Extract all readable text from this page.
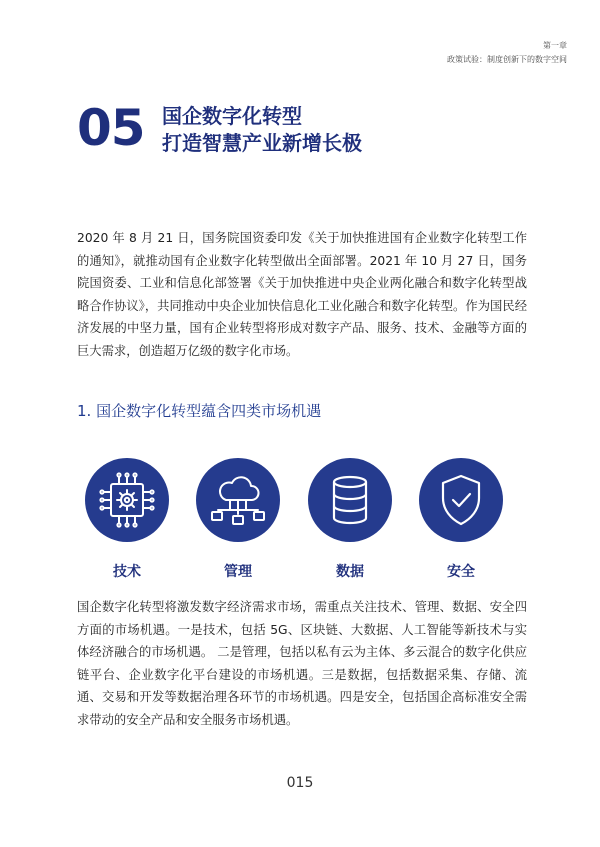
第一章
政策试验：制度创新下的数字空间
05 国企数字化转型
打造智慧产业新增长极

2020 年 8 月 21 日，国务院国资委印发《关于加快推进国有企业数字化转型工作的通知》，就推动国有企业数字化转型做出全面部署。2021 年 10 月 27 日，国务院国资委、工业和信息化部签署《关于加快推进中央企业两化融合和数字化转型战略合作协议》，共同推动中央企业加快信息化工业化融合和数字化转型。作为国民经济发展的中坚力量，国有企业转型将形成对数字产品、服务、技术、金融等方面的巨大需求，创造超万亿级的数字化市场。

1. 国企数字化转型蕴含四类市场机遇
技术	管理	数据	安全

国企数字化转型将激发数字经济需求市场，需重点关注技术、管理、数据、安全四方面的市场机遇。一是技术，包括 5G、区块链、大数据、人工智能等新技术与实体经济融合的市场机遇。 二是管理，包括以私有云为主体、多云混合的数字化供应链平台、企业数字化平台建设的市场机遇。三是数据，包括数据采集、存储、流通、交易和开发等数据治理各环节的市场机遇。四是安全，包括国企高标准安全需求带动的安全产品和安全服务市场机遇。

015
